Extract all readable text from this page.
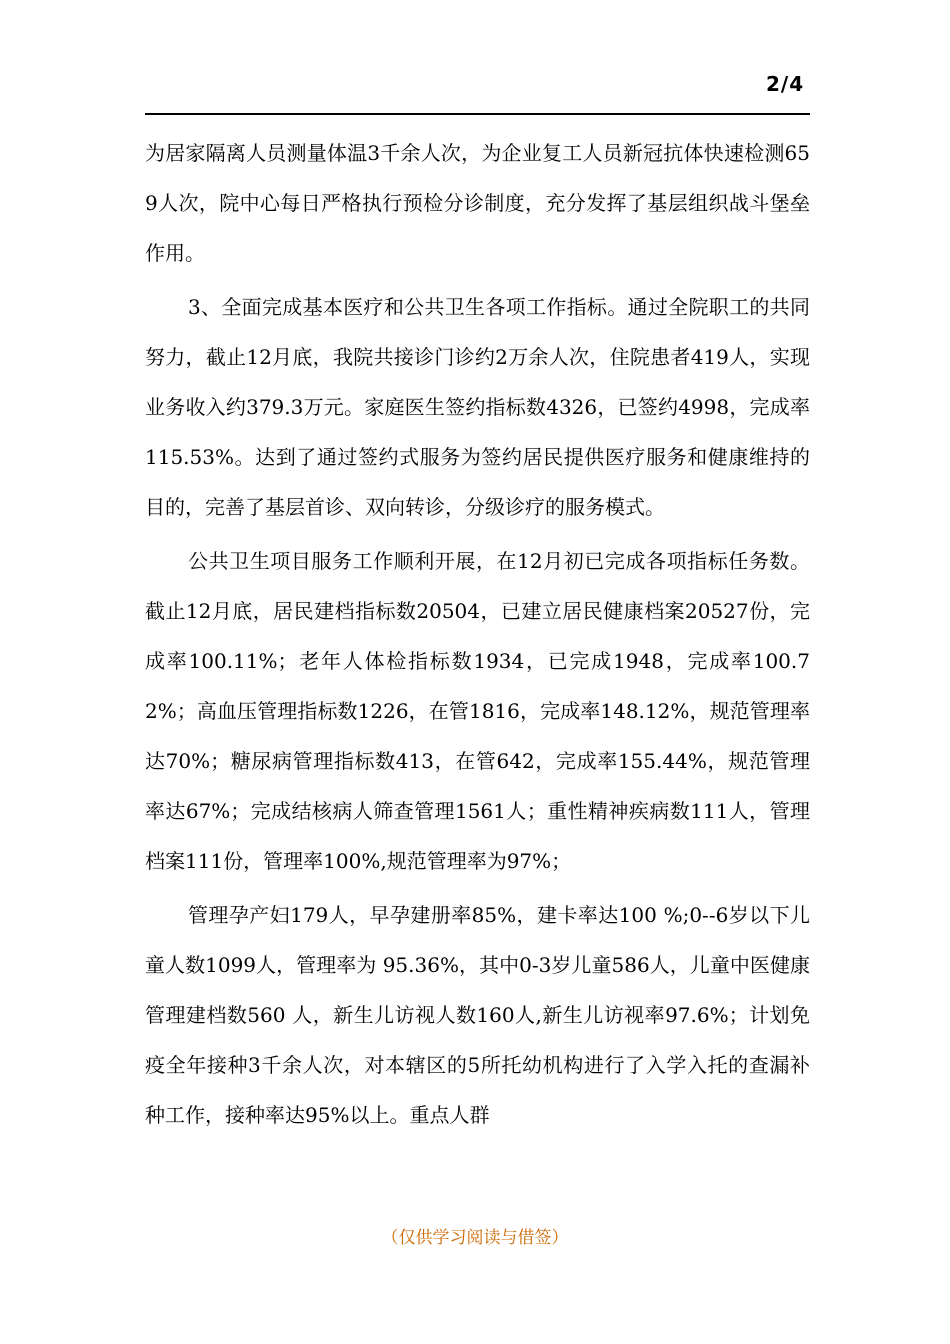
2/4

为居家隔离人员测量体温3千余人次，为企业复工人员新冠抗体快速检测659人次，院中心每日严格执行预检分诊制度，充分发挥了基层组织战斗堡垒作用。

3、全面完成基本医疗和公共卫生各项工作指标。通过全院职工的共同努力，截止12月底，我院共接诊门诊约2万余人次，住院患者419人，实现业务收入约379.3万元。家庭医生签约指标数4326，已签约4998，完成率115.53%。达到了通过签约式服务为签约居民提供医疗服务和健康维持的目的，完善了基层首诊、双向转诊，分级诊疗的服务模式。

公共卫生项目服务工作顺利开展，在12月初已完成各项指标任务数。截止12月底，居民建档指标数20504，已建立居民健康档案20527份，完成率100.11%；老年人体检指标数1934，已完成1948，完成率100.72%；高血压管理指标数1226，在管1816，完成率148.12%，规范管理率达70%；糖尿病管理指标数413，在管642，完成率155.44%，规范管理率达67%；完成结核病人筛查管理1561人；重性精神疾病数111人，管理档案111份，管理率100%,规范管理率为97%；

管理孕产妇179人，早孕建册率85%，建卡率达100 %;0--6岁以下儿童人数1099人，管理率为 95.36%，其中0-3岁儿童586人，儿童中医健康管理建档数560 人，新生儿访视人数160人,新生儿访视率97.6%；计划免疫全年接种3千余人次，对本辖区的5所托幼机构进行了入学入托的查漏补种工作，接种率达95%以上。重点人群

（仅供学习阅读与借签）
